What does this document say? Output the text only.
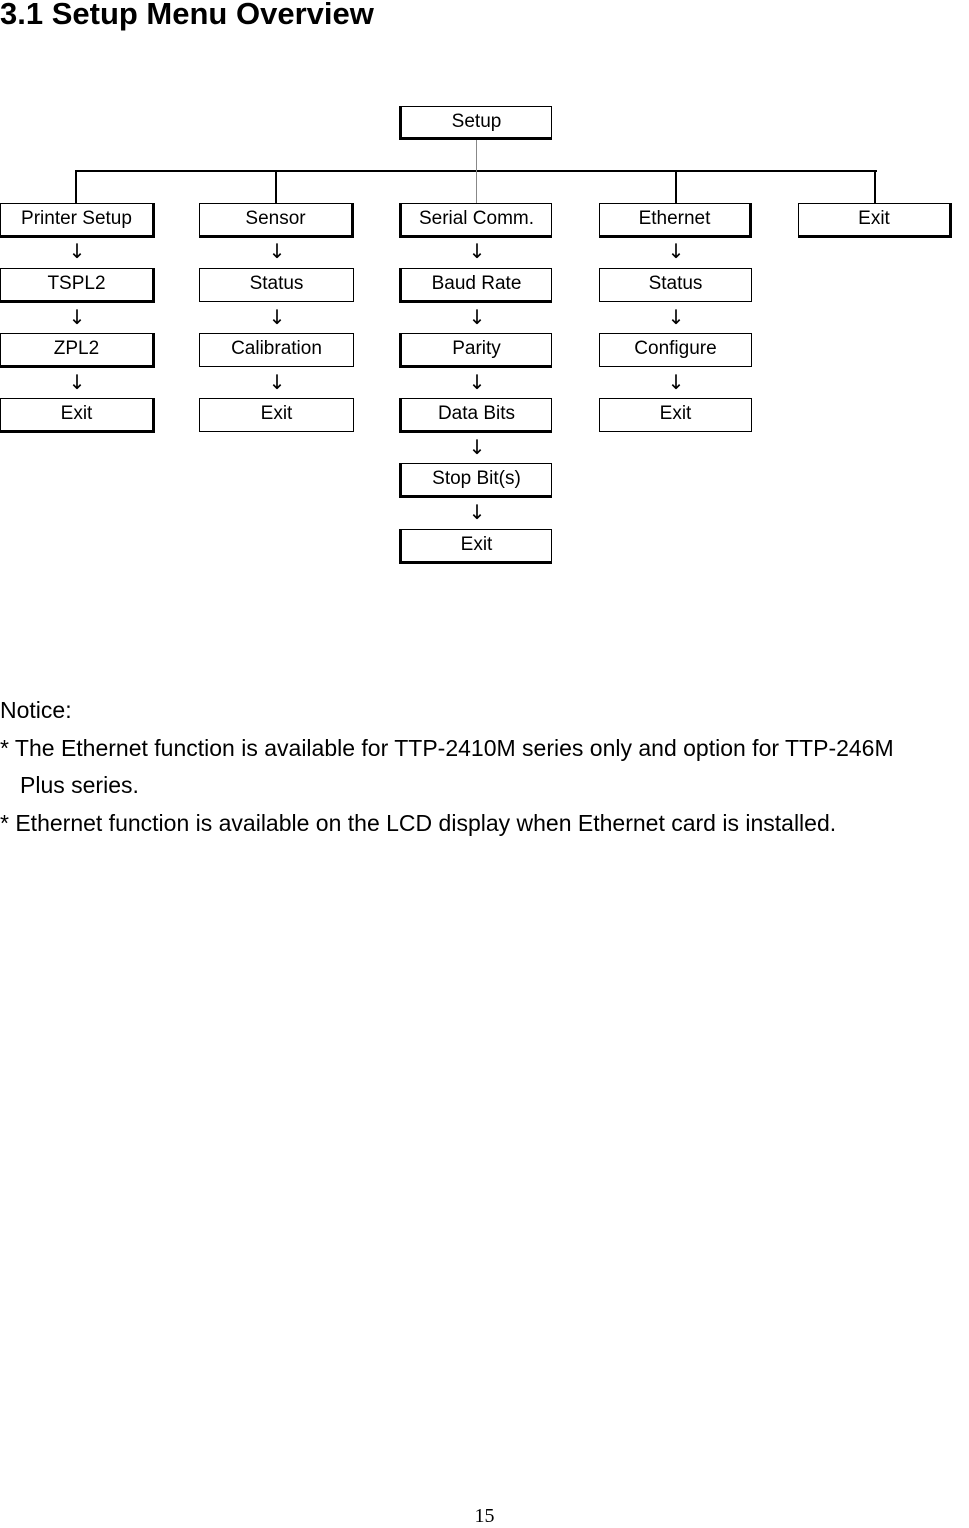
3.1 Setup Menu Overview
Setup
Printer Setup
↓
TSPL2
↓
ZPL2
↓
Exit
Sensor
↓
Status
↓
Calibration
↓
Exit
Serial Comm.
↓
Baud Rate
↓
Parity
↓
Data Bits
↓
Stop Bit(s)
↓
Exit
Ethernet
↓
Status
↓
Configure
↓
Exit
Exit
Notice:
* The Ethernet function is available for TTP-2410M series only and option for TTP-246M
Plus series.
* Ethernet function is available on the LCD display when Ethernet card is installed.
15
